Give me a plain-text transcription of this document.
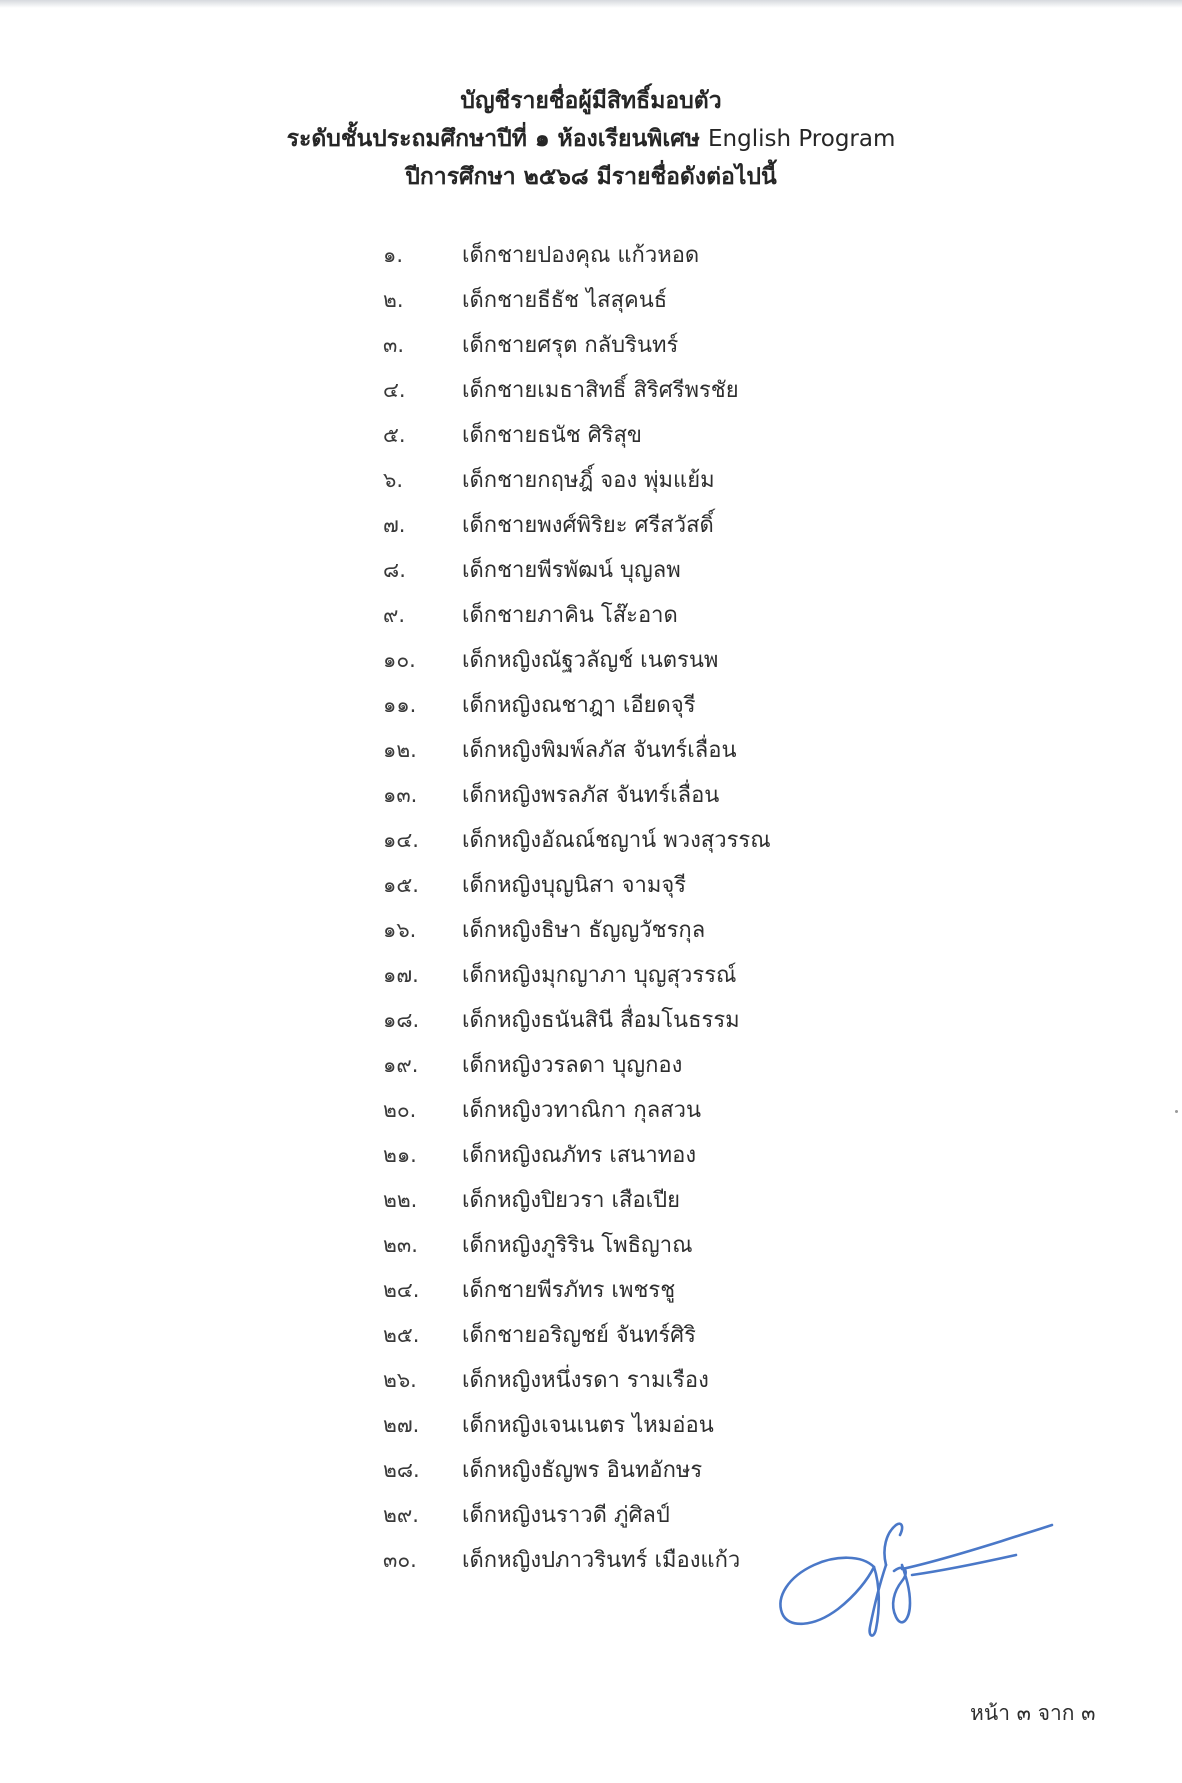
บัญชีรายชื่อผู้มีสิทธิ์มอบตัว
ระดับชั้นประถมศึกษาปีที่ ๑ ห้องเรียนพิเศษ English Program
ปีการศึกษา ๒๕๖๘ มีรายชื่อดังต่อไปนี้
๑.	เด็กชายปองคุณ แก้วหอด
๒.	เด็กชายธีธัช ไสสุคนธ์
๓.	เด็กชายศรุต กลับรินทร์
๔.	เด็กชายเมธาสิทธิ์ สิริศรีพรชัย
๕.	เด็กชายธนัช ศิริสุข
๖.	เด็กชายกฤษฎิ์ จอง พุ่มแย้ม
๗.	เด็กชายพงศ์พิริยะ ศรีสวัสดิ์
๘.	เด็กชายพีรพัฒน์ บุญลพ
๙.	เด็กชายภาคิน โส๊ะอาด
๑๐. เด็กหญิงณัฐวลัญช์ เนตรนพ
๑๑. เด็กหญิงณชาฎา เอียดจุรี
๑๒. เด็กหญิงพิมพ์ลภัส จันทร์เลื่อน
๑๓. เด็กหญิงพรลภัส จันทร์เลื่อน
๑๔. เด็กหญิงอัณณ์ชญาน์ พวงสุวรรณ
๑๕. เด็กหญิงบุญนิสา จามจุรี
๑๖. เด็กหญิงธิษา ธัญญวัชรกุล
๑๗. เด็กหญิงมุกญาภา บุญสุวรรณ์
๑๘. เด็กหญิงธนันสินี สื่อมโนธรรม
๑๙. เด็กหญิงวรลดา บุญกอง
๒๐. เด็กหญิงวทาณิกา กุลสวน
๒๑. เด็กหญิงณภัทร เสนาทอง
๒๒. เด็กหญิงปิยวรา เสือเปีย
๒๓. เด็กหญิงภูริริน โพธิญาณ
๒๔. เด็กชายพีรภัทร เพชรชู
๒๕. เด็กชายอริญชย์ จันทร์ศิริ
๒๖. เด็กหญิงหนึ่งรดา รามเรือง
๒๗. เด็กหญิงเจนเนตร ไหมอ่อน
๒๘. เด็กหญิงธัญพร อินทอักษร
๒๙. เด็กหญิงนราวดี ภู่ศิลป์
๓๐. เด็กหญิงปภาวรินทร์ เมืองแก้ว
หน้า ๓ จาก ๓
